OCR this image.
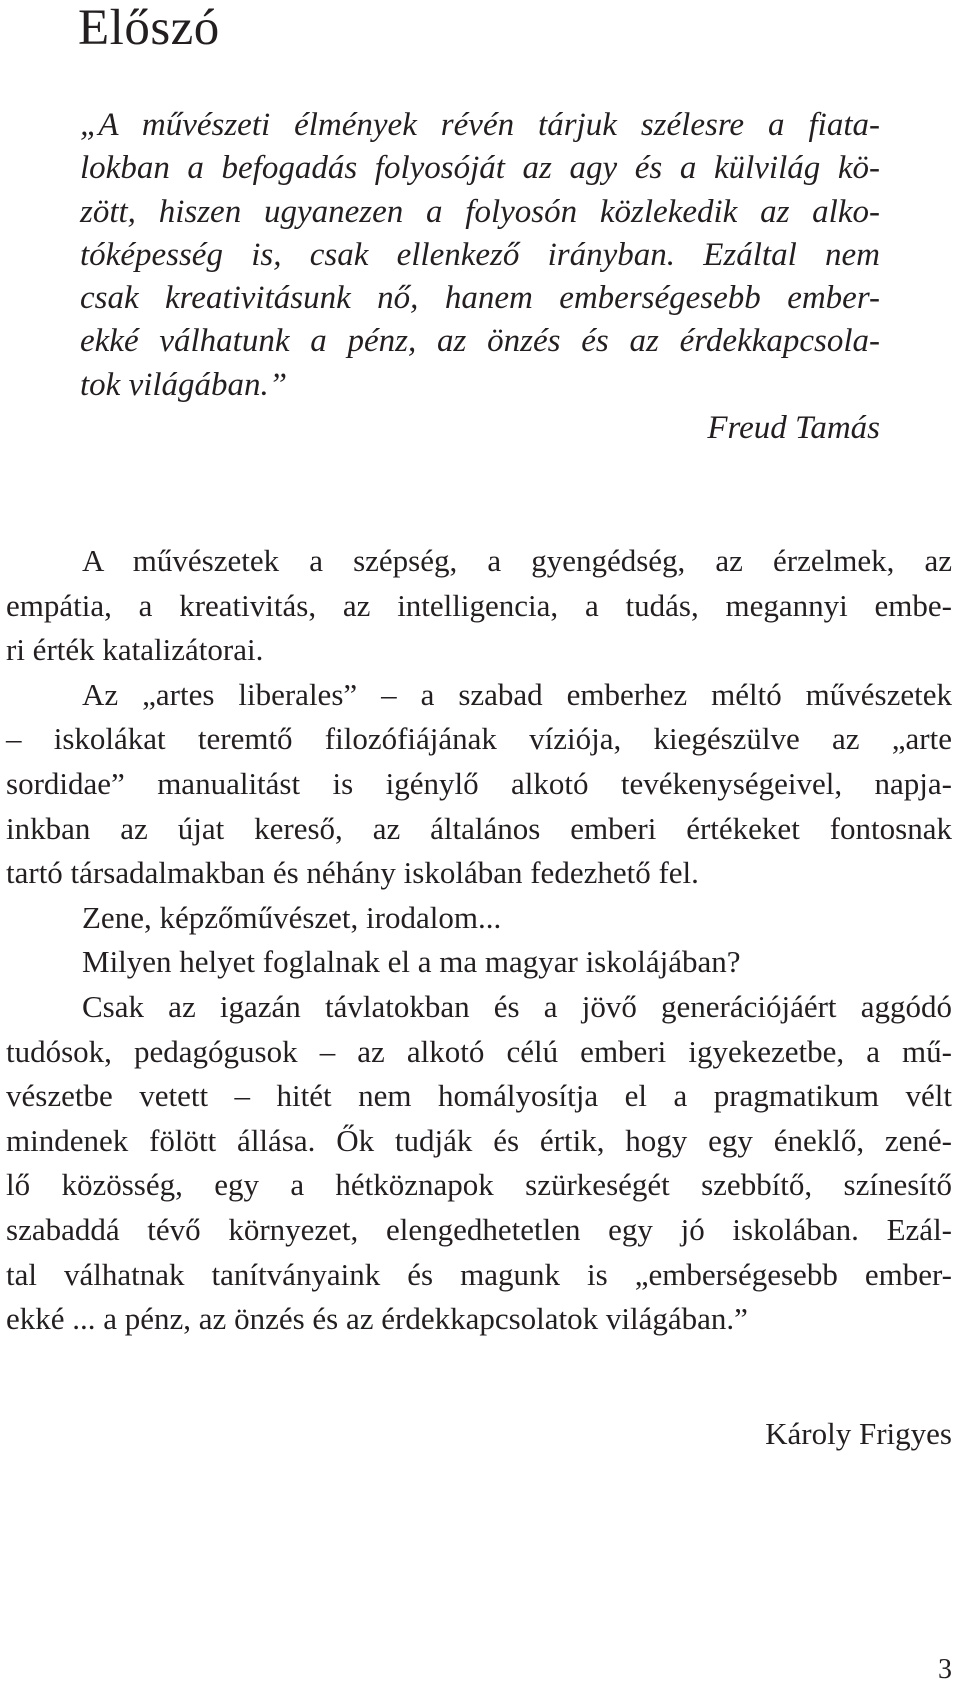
Előszó
„A művészeti élmények révén tárjuk szélesre a fiata-
lokban a befogadás folyosóját az agy és a külvilág kö-
zött, hiszen ugyanezen a folyosón közlekedik az alko-
tóképesség is, csak ellenkező irányban. Ezáltal nem
csak kreativitásunk nő, hanem emberségesebb ember-
ekké válhatunk a pénz, az önzés és az érdekkapcsola-
tok világában.”
Freud Tamás
A művészetek a szépség, a gyengédség, az érzelmek, az
empátia, a kreativitás, az intelligencia, a tudás, megannyi embe-
ri érték katalizátorai.
Az „artes liberales” – a szabad emberhez méltó művészetek
– iskolákat teremtő filozófiájának víziója, kiegészülve az „arte
sordidae” manualitást is igénylő alkotó tevékenységeivel, napja-
inkban az újat kereső, az általános emberi értékeket fontosnak
tartó társadalmakban és néhány iskolában fedezhető fel.
Zene, képzőművészet, irodalom...
Milyen helyet foglalnak el a ma magyar iskolájában?
Csak az igazán távlatokban és a jövő generációjáért aggódó
tudósok, pedagógusok – az alkotó célú emberi igyekezetbe, a mű-
vészetbe vetett – hitét nem homályosítja el a pragmatikum vélt
mindenek fölött állása. Ők tudják és értik, hogy egy éneklő, zené-
lő közösség, egy a hétköznapok szürkeségét szebbítő, színesítő
szabaddá tévő környezet, elengedhetetlen egy jó iskolában. Ezál-
tal válhatnak tanítványaink és magunk is „emberségesebb ember-
ekké ... a pénz, az önzés és az érdekkapcsolatok világában.”
Károly Frigyes
3
